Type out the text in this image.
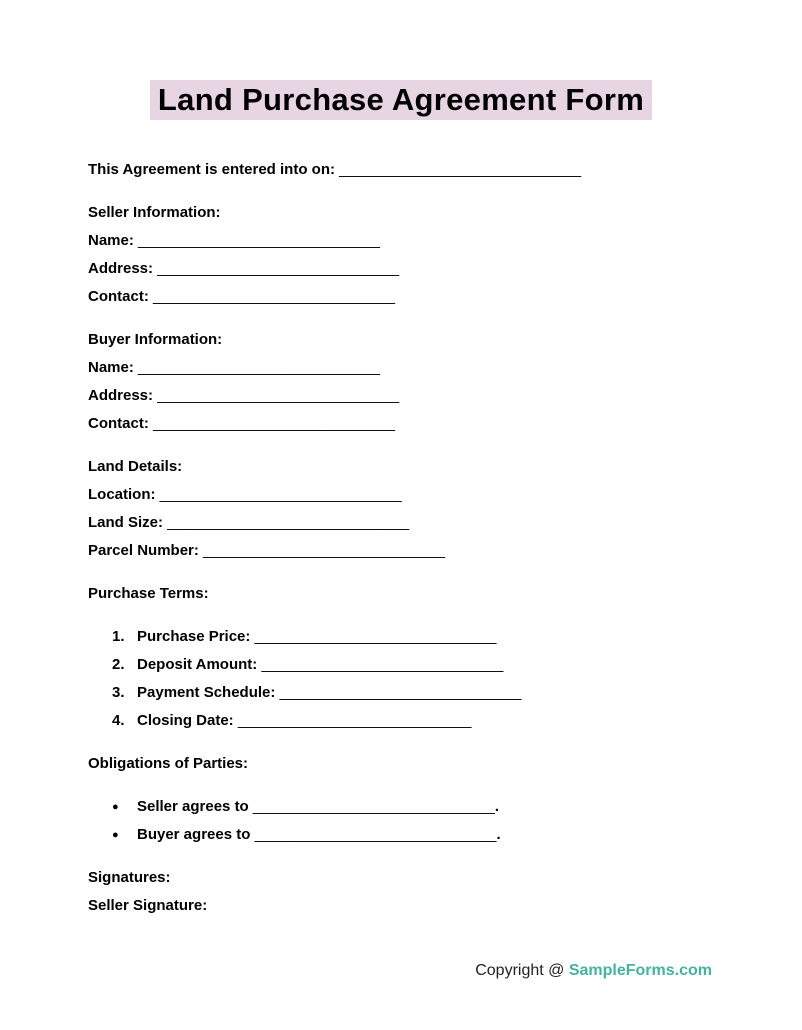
Land Purchase Agreement Form

This Agreement is entered into on: _____________________________

Seller Information:

Name: _____________________________

Address: _____________________________

Contact: _____________________________

Buyer Information:

Name: _____________________________

Address: _____________________________

Contact: _____________________________

Land Details:

Location: _____________________________

Land Size: _____________________________

Parcel Number: _____________________________

Purchase Terms:

1. Purchase Price: _____________________________

2. Deposit Amount: _____________________________

3. Payment Schedule: _____________________________

4. Closing Date: ____________________________

Obligations of Parties:

● Seller agrees to _____________________________.

● Buyer agrees to _____________________________.

Signatures:

Seller Signature:

Copyright @ SampleForms.com
